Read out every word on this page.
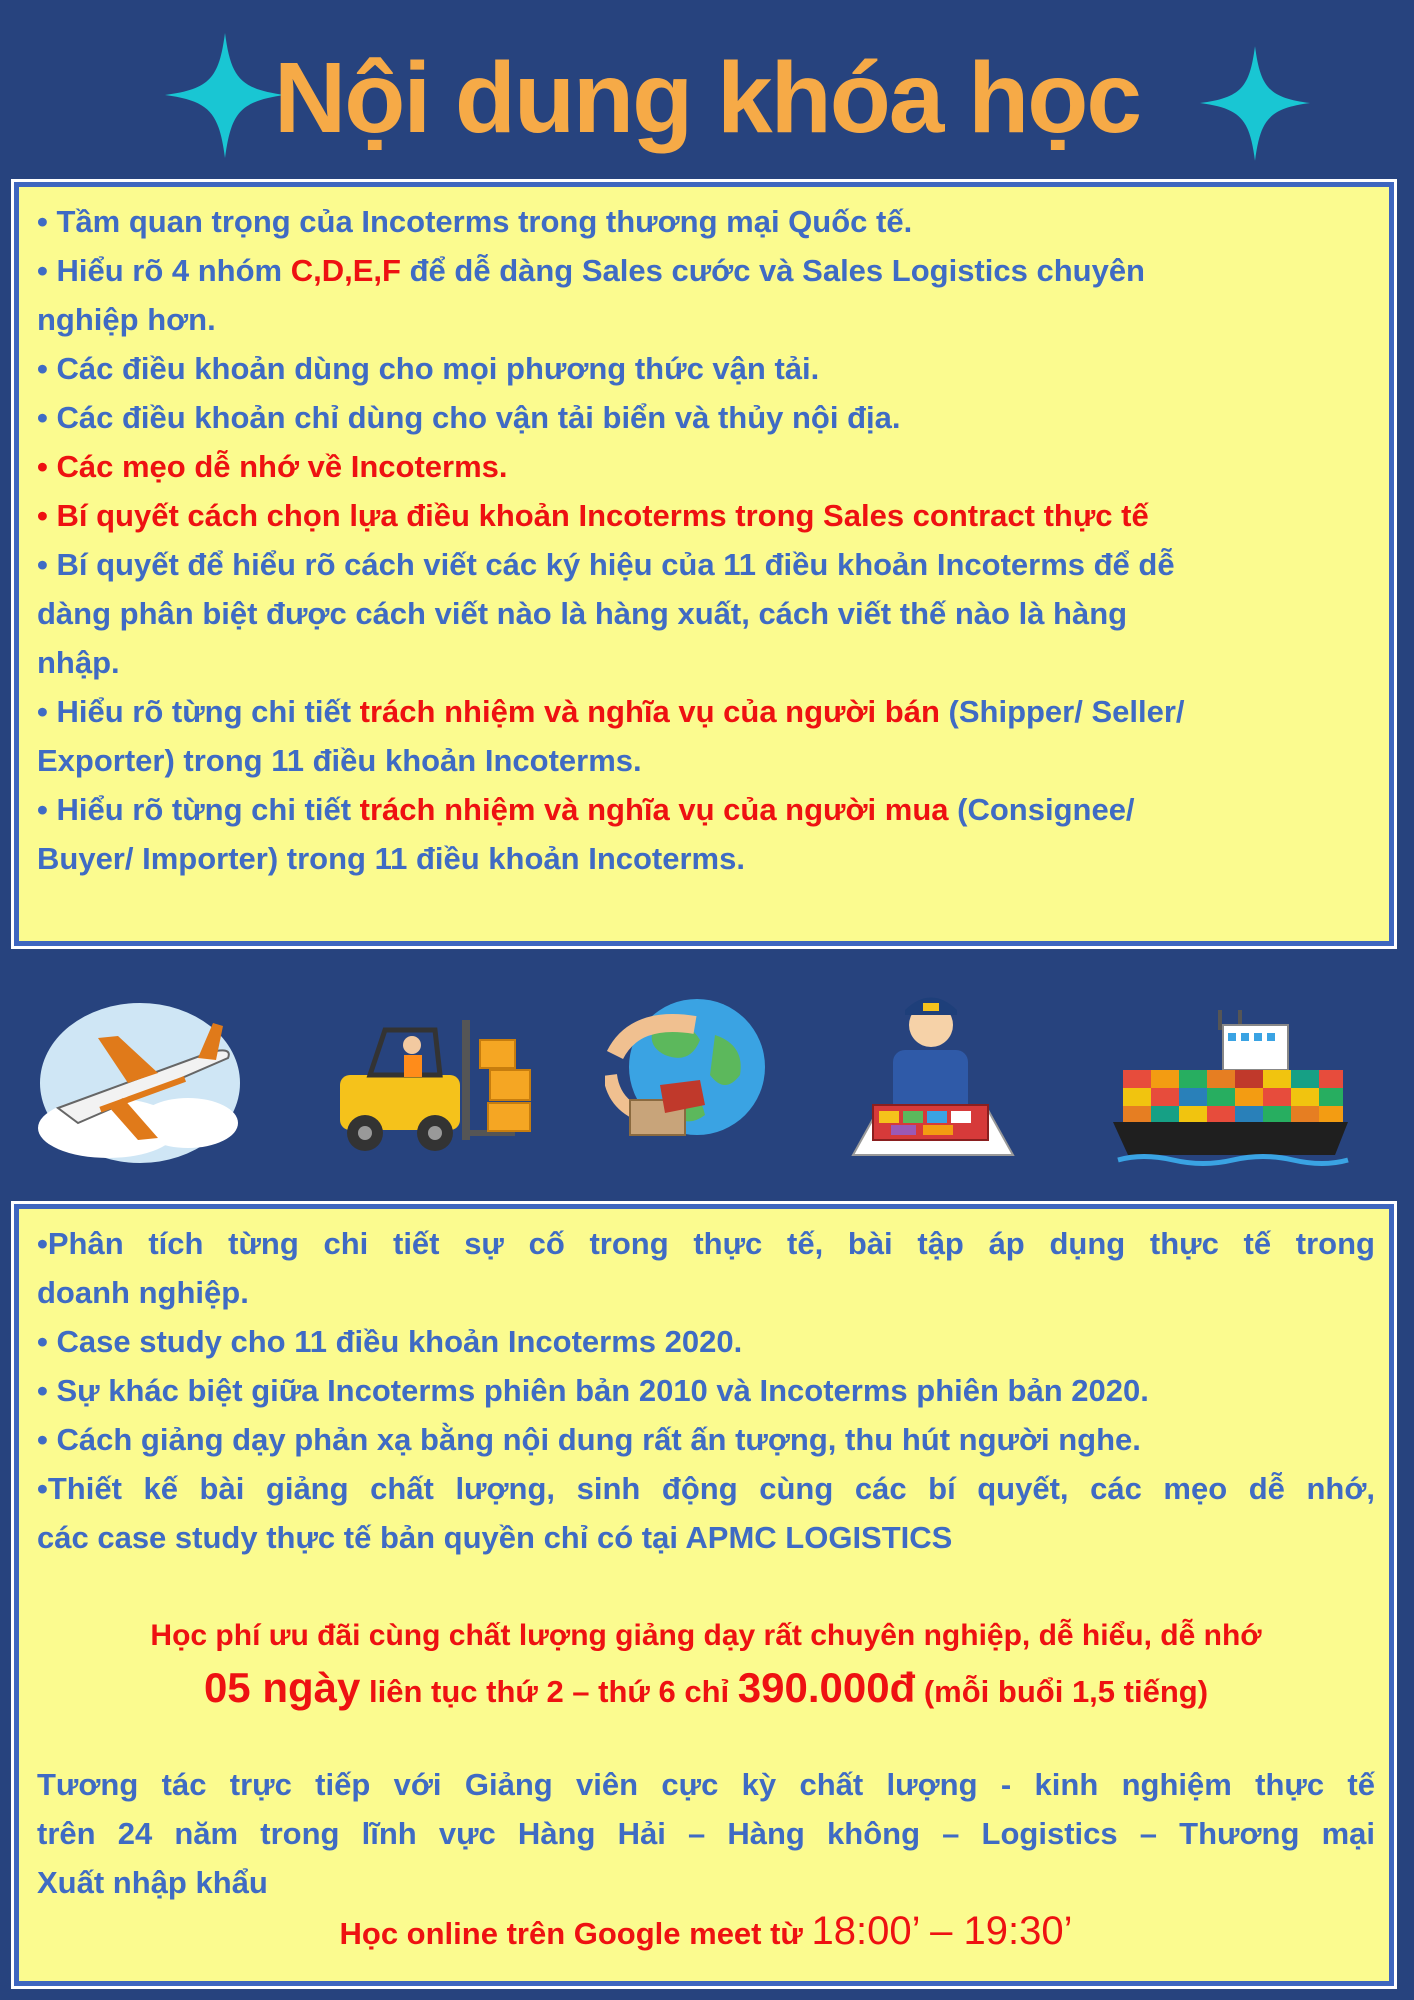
Nội dung khóa học
• Tầm quan trọng của Incoterms trong thương mại Quốc tế.
• Hiểu rõ 4 nhóm C,D,E,F để dễ dàng Sales cước và Sales Logistics chuyên
nghiệp hơn.
• Các điều khoản dùng cho mọi phương thức vận tải.
• Các điều khoản chỉ dùng cho vận tải biển và thủy nội địa.
• Các mẹo dễ nhớ về Incoterms.
• Bí quyết cách chọn lựa điều khoản Incoterms trong Sales contract thực tế
• Bí quyết để hiểu rõ cách viết các ký hiệu của 11 điều khoản Incoterms để dễ
dàng phân biệt được cách viết nào là hàng xuất, cách viết thế nào là hàng
nhập.
• Hiểu rõ từng chi tiết trách nhiệm và nghĩa vụ của người bán (Shipper/ Seller/
Exporter) trong 11 điều khoản Incoterms.
• Hiểu rõ từng chi tiết trách nhiệm và nghĩa vụ của người mua (Consignee/
Buyer/ Importer) trong 11 điều khoản Incoterms.
•Phân tích từng chi tiết sự cố trong thực tế, bài tập áp dụng thực tế trong
doanh nghiệp.
• Case study cho 11 điều khoản Incoterms 2020.
• Sự khác biệt giữa Incoterms phiên bản 2010 và Incoterms phiên bản 2020.
• Cách giảng dạy phản xạ bằng nội dung rất ấn tượng, thu hút người nghe.
•Thiết kế bài giảng chất lượng, sinh động cùng các bí quyết, các mẹo dễ nhớ,
các case study thực tế bản quyền chỉ có tại APMC LOGISTICS
Học phí ưu đãi cùng chất lượng giảng dạy rất chuyên nghiệp, dễ hiểu, dễ nhớ
05 ngày liên tục thứ 2 – thứ 6 chỉ 390.000đ (mỗi buổi 1,5 tiếng)
Tương tác trực tiếp với Giảng viên cực kỳ chất lượng - kinh nghiệm thực tế
trên 24 năm trong lĩnh vực Hàng Hải – Hàng không – Logistics – Thương mại
Xuất nhập khẩu
Học online trên Google meet từ 18:00’ – 19:30’
